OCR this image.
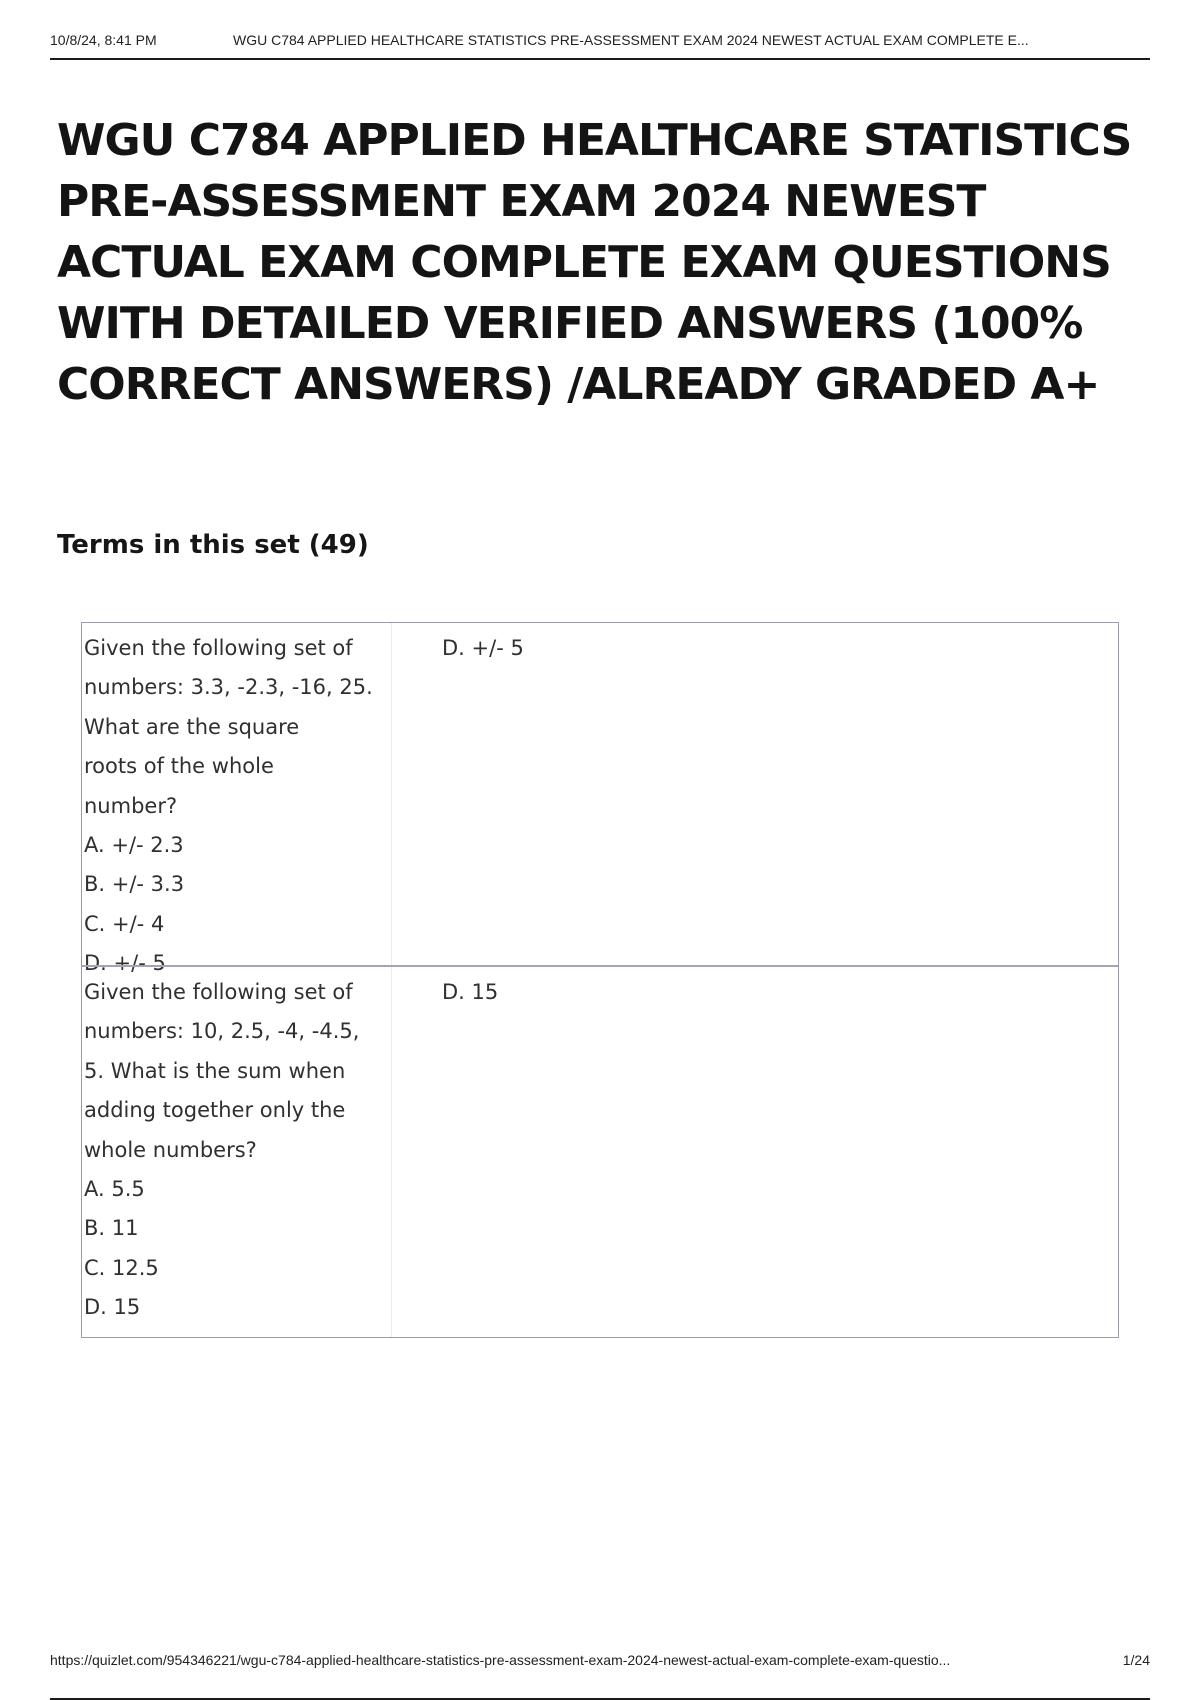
10/8/24, 8:41 PM	WGU C784 APPLIED HEALTHCARE STATISTICS PRE-ASSESSMENT EXAM 2024 NEWEST ACTUAL EXAM COMPLETE E...
WGU C784 APPLIED HEALTHCARE STATISTICS
PRE-ASSESSMENT EXAM 2024 NEWEST
ACTUAL EXAM COMPLETE EXAM QUESTIONS
WITH DETAILED VERIFIED ANSWERS (100%
CORRECT ANSWERS) /ALREADY GRADED A+
Terms in this set (49)
Given the following set of
numbers: 3.3, -2.3, -16, 25.
What are the square
roots of the whole
number?
A. +/- 2.3
B. +/- 3.3
C. +/- 4
D. +/- 5
D. +/- 5
Given the following set of
numbers: 10, 2.5, -4, -4.5,
5. What is the sum when
adding together only the
whole numbers?
A. 5.5
B. 11
C. 12.5
D. 15
D. 15
https://quizlet.com/954346221/wgu-c784-applied-healthcare-statistics-pre-assessment-exam-2024-newest-actual-exam-complete-exam-questio...	1/24
